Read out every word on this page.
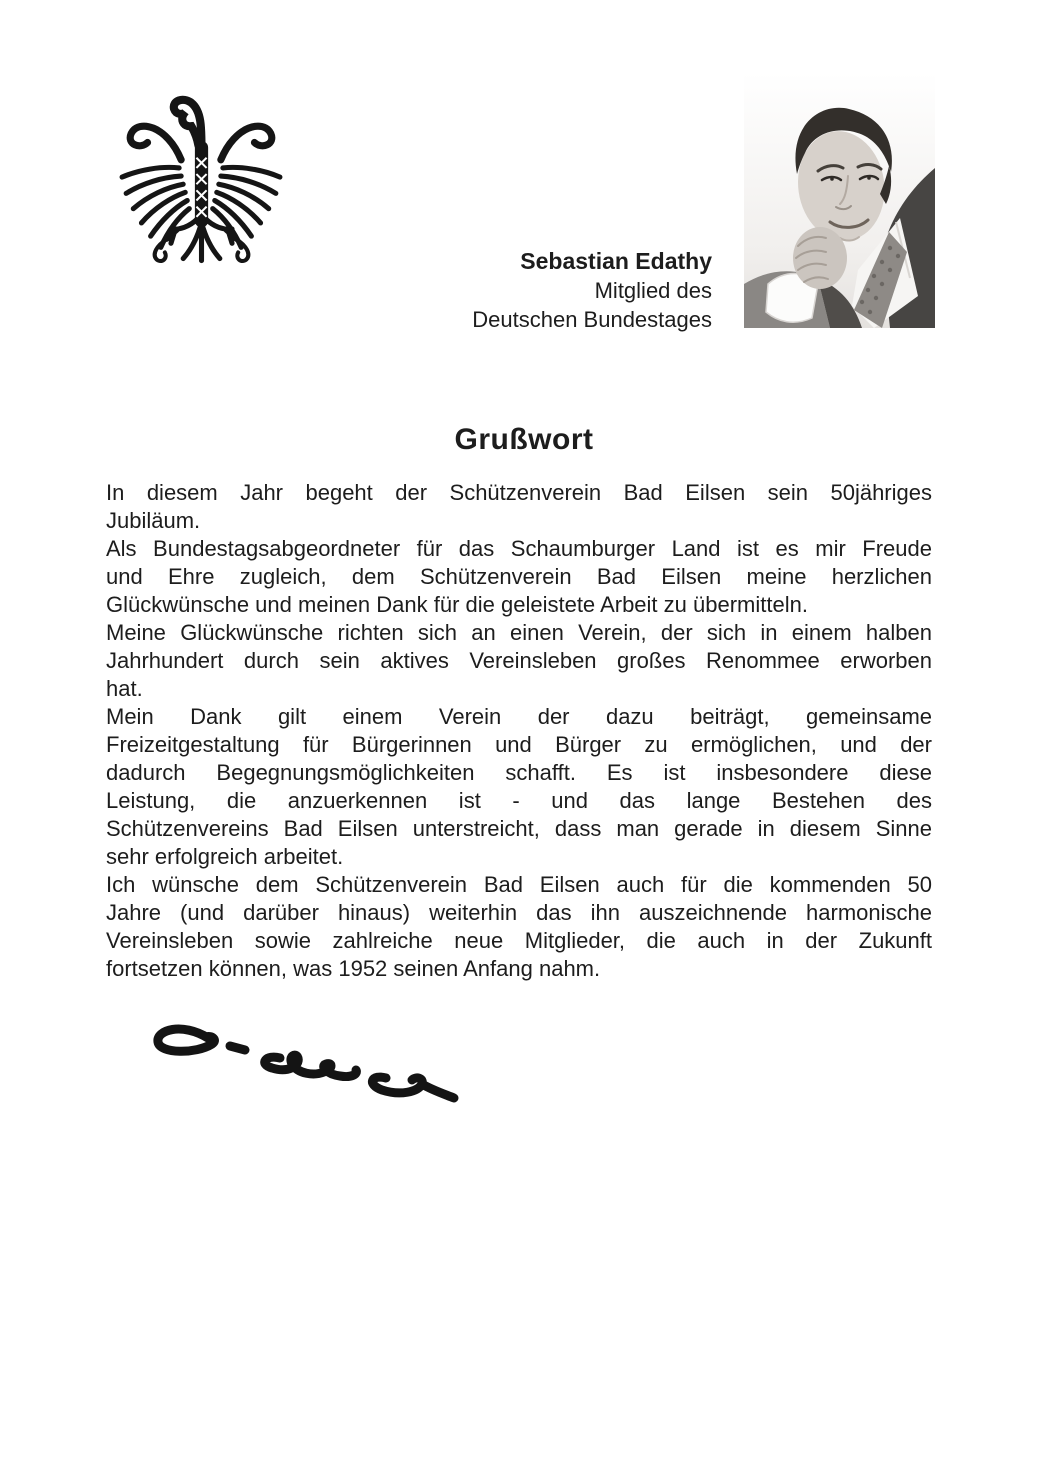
Sebastian Edathy
Mitglied des
Deutschen Bundestages
Grußwort

In diesem Jahr begeht der Schützenverein Bad Eilsen sein 50jähriges
Jubiläum.

Als Bundestagsabgeordneter für das Schaumburger Land ist es mir Freude
und Ehre zugleich, dem Schützenverein Bad Eilsen meine herzlichen
Glückwünsche und meinen Dank für die geleistete Arbeit zu übermitteln.

Meine Glückwünsche richten sich an einen Verein, der sich in einem halben
Jahrhundert durch sein aktives Vereinsleben großes Renommee erworben
hat.

Mein Dank gilt einem Verein der dazu beiträgt, gemeinsame
Freizeitgestaltung für Bürgerinnen und Bürger zu ermöglichen, und der
dadurch Begegnungsmöglichkeiten schafft. Es ist insbesondere diese
Leistung, die anzuerkennen ist - und das lange Bestehen des
Schützenvereins Bad Eilsen unterstreicht, dass man gerade in diesem Sinne
sehr erfolgreich arbeitet.

Ich wünsche dem Schützenverein Bad Eilsen auch für die kommenden 50
Jahre (und darüber hinaus) weiterhin das ihn auszeichnende harmonische
Vereinsleben sowie zahlreiche neue Mitglieder, die auch in der Zukunft
fortsetzen können, was 1952 seinen Anfang nahm.
